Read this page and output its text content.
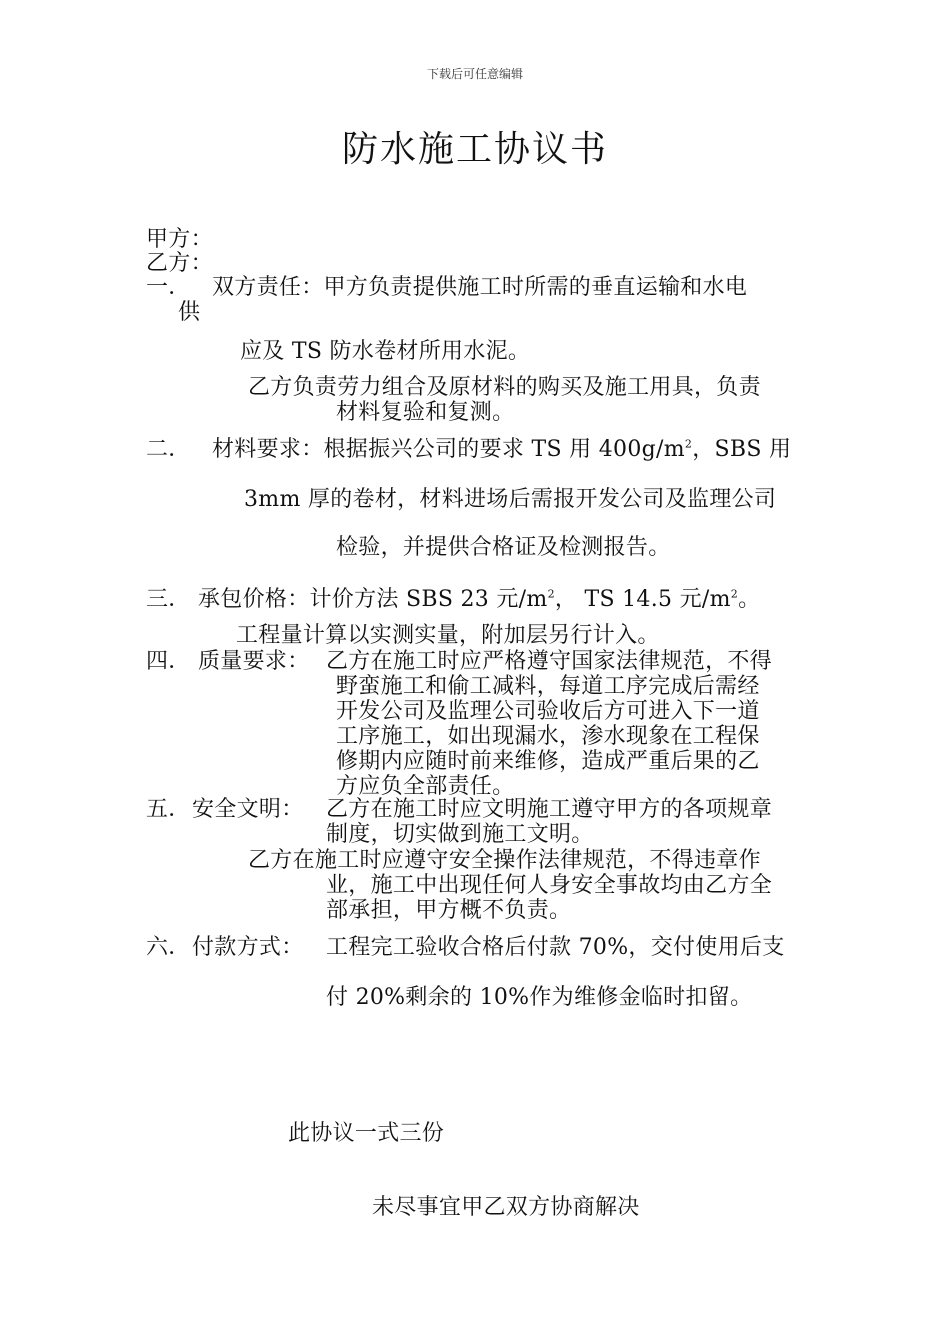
下载后可任意编辑
防水施工协议书
甲方：
乙方：
一． 双方责任：甲方负责提供施工时所需的垂直运输和水电
供
应及 TS 防水卷材所用水泥。
乙方负责劳力组合及原材料的购买及施工用具，负责
材料复验和复测。
二． 材料要求：根据振兴公司的要求 TS 用 $400g/m^2$，SBS 用
3mm 厚的卷材，材料进场后需报开发公司及监理公司
检验，并提供合格证及检测报告。
三． 承包价格：计价方法 SBS 23 元$/m^2$， TS 14.5 元$/m^2$。
工程量计算以实测实量，附加层另行计入。
四． 质量要求： 乙方在施工时应严格遵守国家法律规范，不得
野蛮施工和偷工减料，每道工序完成后需经
开发公司及监理公司验收后方可进入下一道
工序施工，如出现漏水，渗水现象在工程保
修期内应随时前来维修，造成严重后果的乙
方应负全部责任。
五． 安全文明： 乙方在施工时应文明施工遵守甲方的各项规章
制度，切实做到施工文明。
乙方在施工时应遵守安全操作法律规范，不得违章作
业，施工中出现任何人身安全事故均由乙方全
部承担，甲方概不负责。
六． 付款方式： 工程完工验收合格后付款 70%，交付使用后支
付 20%剩余的 10%作为维修金临时扣留。
此协议一式三份
未尽事宜甲乙双方协商解决
